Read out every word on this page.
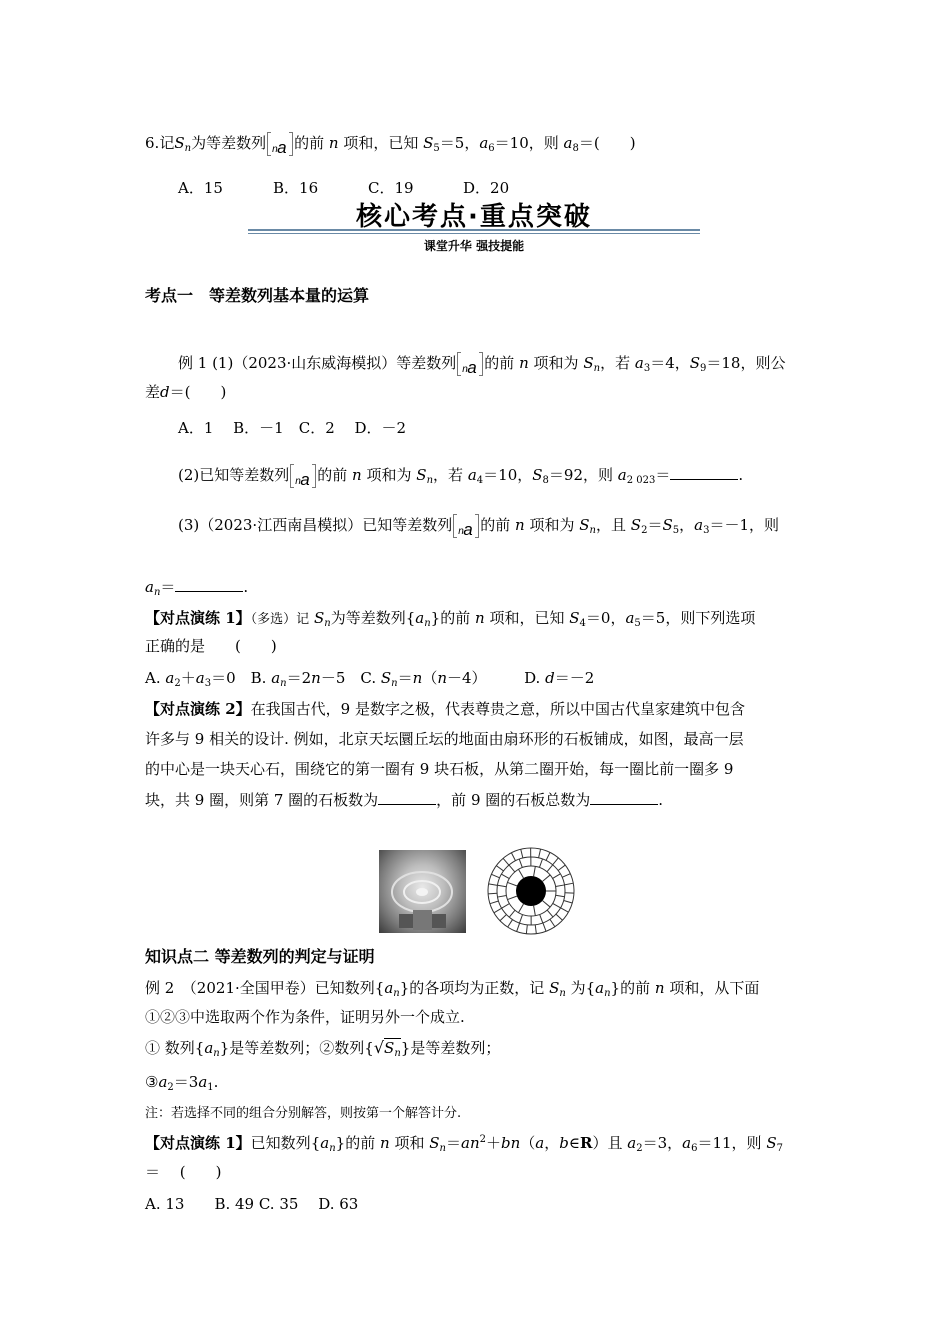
6.记$S_n$为等差数列 a
$_n$ 的前 n 项和，已知 $S_5=5$，$a_6=10$，则 $a_8=$(　　)
A．15	B．16	C．19	D．20
核心考点·重点突破
课堂升华 强技提能
考点一　等差数列基本量的运算
例 1 (1)（2023·山东威海模拟）等差数列 a
$_n$ 的前 n 项和为 $S_n$，若 $a_3=4$，$S_9=18$，则公
差d＝(　　)
A．1　 B．－1　C．2　 D．－2
(2)已知等差数列 a
$_n$ 的前 n 项和为 $S_n$，若 $a_4=10$，$S_8=92$，则 $a_{2 023}=$	.
(3)（2023·江西南昌模拟）已知等差数列 a
$_n$ 的前 n 项和为 $S_n$，且 $S_2=S_5$，$a_3=-1$，则
$a_n=$	.
【对点演练 1】（多选）记 $S_n$为等差数列$\{a_n\}$的前 n 项和，已知 $S_4=0$，$a_5=5$，则下列选项
正确的是　　(　　)
A. $a_2+a_3=0$　 B. $a_n=2n-5$　 C. $S_n=n(n-4)$　　　	D. d＝－2
【对点演练 2】在我国古代，9 是数字之极，代表尊贵之意，所以中国古代皇家建筑中包含
许多与 9 相关的设计. 例如，北京天坛圜丘坛的地面由扇环形的石板铺成，如图，最高一层
的中心是一块天心石，围绕它的第一圈有 9 块石板，从第二圈开始，每一圈比前一圈多 9
块，共 9 圈，则第 7 圈的石板数为	，前 9 圈的石板总数为	.
知识点二 等差数列的判定与证明
例 2　（2021·全国甲卷）已知数列$\{a_n\}$的各项均为正数，记 $S_n$ 为$\{a_n\}$的前 n 项和，从下面
①②③中选取两个作为条件，证明另外一个成立.
① 数列$\{a_n\}$是等差数列；②数列$\{√S_n\}$是等差数列；
$③a_2=3a_1$.
注：若选择不同的组合分别解答，则按第一个解答计分.
【对点演练 1】已知数列$\{a_n\}$的前 n 项和 $S_n=an^2+bn(a$，b∈R）且 $a_2=3$，$a_6=11$，则 $S_7$
＝　 (　　)
A. 13　　B. 49 C. 35　 D. 63
